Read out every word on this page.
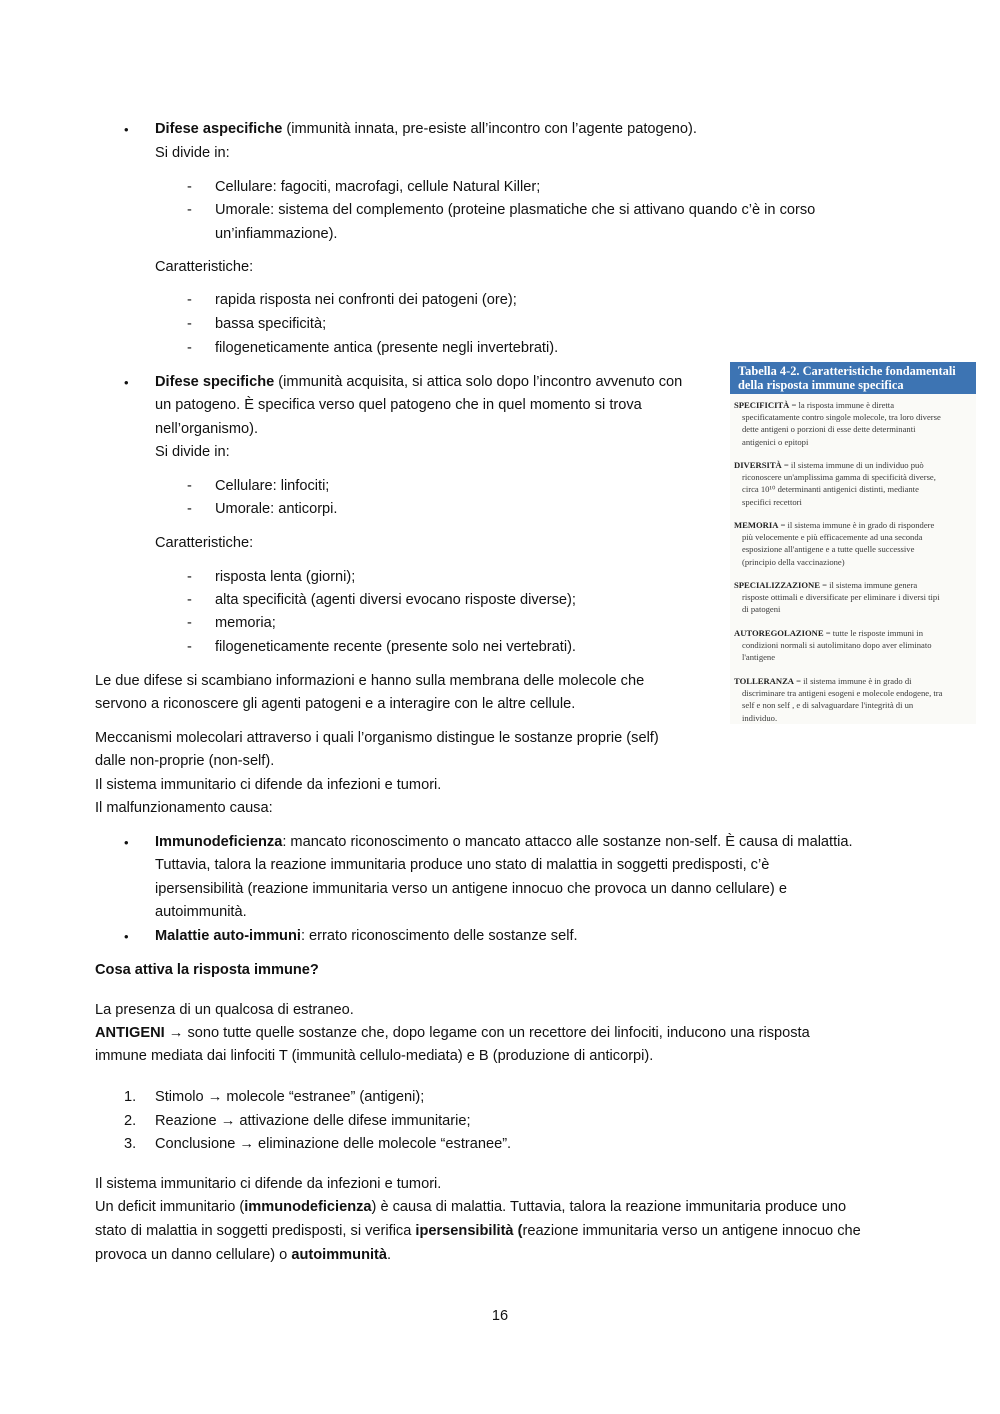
• Difese aspecifiche (immunità innata, pre-esiste all’incontro con l’agente patogeno).
Si divide in:
- Cellulare: fagociti, macrofagi, cellule Natural Killer;
- Umorale: sistema del complemento (proteine plasmatiche che si attivano quando c’è in corso
un’infiammazione).
Caratteristiche:
- rapida risposta nei confronti dei patogeni (ore);
- bassa specificità;
- filogeneticamente antica (presente negli invertebrati).
• Difese specifiche (immunità acquisita, si attica solo dopo l’incontro avvenuto con
un patogeno. È specifica verso quel patogeno che in quel momento si trova
nell’organismo).
Si divide in:
- Cellulare: linfociti;
- Umorale: anticorpi.
Caratteristiche:
- risposta lenta (giorni);
- alta specificità (agenti diversi evocano risposte diverse);
- memoria;
- filogeneticamente recente (presente solo nei vertebrati).
Le due difese si scambiano informazioni e hanno sulla membrana delle molecole che
servono a riconoscere gli agenti patogeni e a interagire con le altre cellule.
Meccanismi molecolari attraverso i quali l’organismo distingue le sostanze proprie (self)
dalle non-proprie (non-self).
Il sistema immunitario ci difende da infezioni e tumori.
Il malfunzionamento causa:
• Immunodeficienza: mancato riconoscimento o mancato attacco alle sostanze non-self. È causa di malattia.
Tuttavia, talora la reazione immunitaria produce uno stato di malattia in soggetti predisposti, c’è
ipersensibilità (reazione immunitaria verso un antigene innocuo che provoca un danno cellulare) e
autoimmunità.
• Malattie auto-immuni: errato riconoscimento delle sostanze self.
Cosa attiva la risposta immune?
La presenza di un qualcosa di estraneo.
ANTIGENI → sono tutte quelle sostanze che, dopo legame con un recettore dei linfociti, inducono una risposta
immune mediata dai linfociti T (immunità cellulo-mediata) e B (produzione di anticorpi).
1. Stimolo → molecole “estranee” (antigeni);
2. Reazione → attivazione delle difese immunitarie;
3. Conclusione → eliminazione delle molecole “estranee”.
Il sistema immunitario ci difende da infezioni e tumori.
Un deficit immunitario (immunodeficienza) è causa di malattia. Tuttavia, talora la reazione immunitaria produce uno
stato di malattia in soggetti predisposti, si verifica ipersensibilità (reazione immunitaria verso un antigene innocuo che
provoca un danno cellulare) o autoimmunità.
16
Tabella 4-2. Caratteristiche fondamentali
della risposta immune specifica
SPECIFICITÀ = la risposta immune è diretta
specificatamente contro singole molecole, tra loro diverse
dette antigeni o porzioni di esse dette determinanti
antigenici o epitopi
DIVERSITÀ = il sistema immune di un individuo può
riconoscere un'amplissima gamma di specificità diverse,
circa 10¹⁰ determinanti antigenici distinti, mediante
specifici recettori
MEMORIA = il sistema immune è in grado di rispondere
più velocemente e più efficacemente ad una seconda
esposizione all'antigene e a tutte quelle successive
(principio della vaccinazione)
SPECIALIZZAZIONE = il sistema immune genera
risposte ottimali e diversificate per eliminare i diversi tipi
di patogeni
AUTOREGOLAZIONE = tutte le risposte immuni in
condizioni normali si autolimitano dopo aver eliminato
l'antigene
TOLLERANZA = il sistema immune è in grado di
discriminare tra antigeni esogeni e molecole endogene, tra
self e non self , e di salvaguardare l'integrità di un
individuo.
